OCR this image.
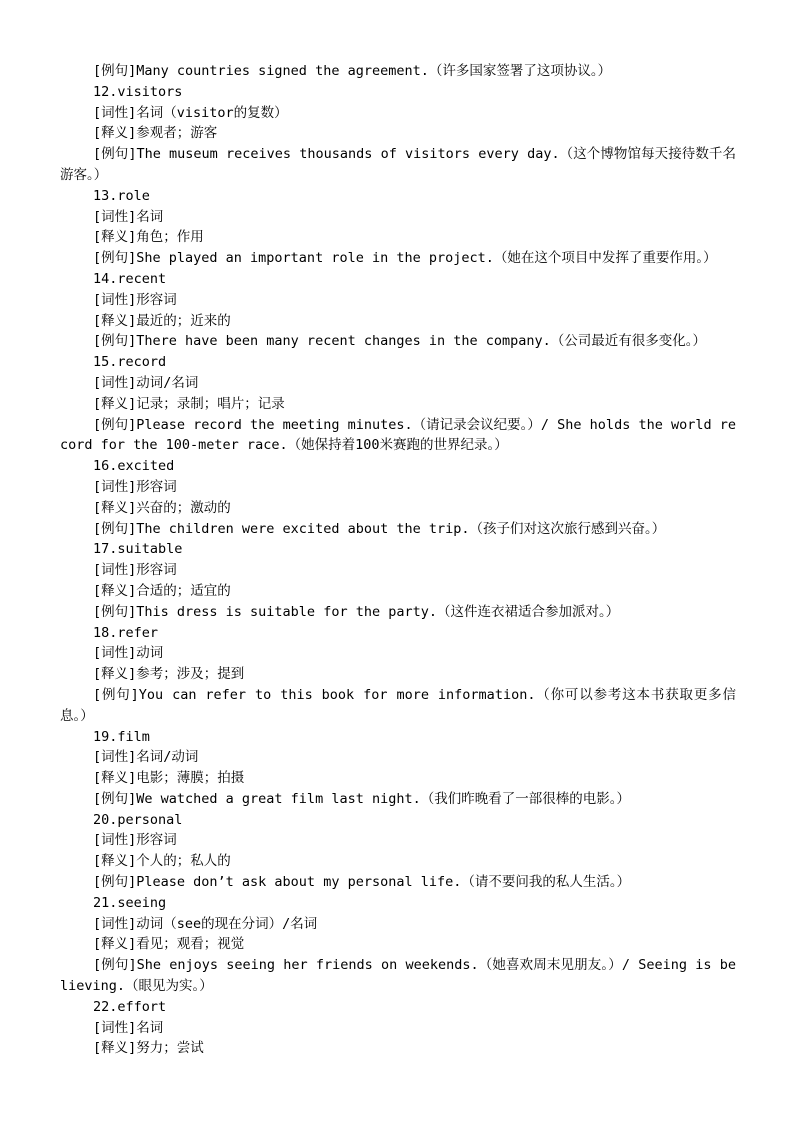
[例句]Many countries signed the agreement.（许多国家签署了这项协议。）

12.visitors

[词性]名词（visitor的复数）

[释义]参观者；游客

[例句]The museum receives thousands of visitors every day.（这个博物馆每天接待数千名游客。）

13.role

[词性]名词

[释义]角色；作用

[例句]She played an important role in the project.（她在这个项目中发挥了重要作用。）

14.recent

[词性]形容词

[释义]最近的；近来的

[例句]There have been many recent changes in the company.（公司最近有很多变化。）

15.record

[词性]动词/名词

[释义]记录；录制；唱片；记录

[例句]Please record the meeting minutes.（请记录会议纪要。）/ She holds the world record for the 100-meter race.（她保持着100米赛跑的世界纪录。）

16.excited

[词性]形容词

[释义]兴奋的；激动的

[例句]The children were excited about the trip.（孩子们对这次旅行感到兴奋。）

17.suitable

[词性]形容词

[释义]合适的；适宜的

[例句]This dress is suitable for the party.（这件连衣裙适合参加派对。）

18.refer

[词性]动词

[释义]参考；涉及；提到

[例句]You can refer to this book for more information.（你可以参考这本书获取更多信息。）

19.film

[词性]名词/动词

[释义]电影；薄膜；拍摄

[例句]We watched a great film last night.（我们昨晚看了一部很棒的电影。）

20.personal

[词性]形容词

[释义]个人的；私人的

[例句]Please don’t ask about my personal life.（请不要问我的私人生活。）

21.seeing

[词性]动词（see的现在分词）/名词

[释义]看见；观看；视觉

[例句]She enjoys seeing her friends on weekends.（她喜欢周末见朋友。）/ Seeing is believing.（眼见为实。）

22.effort

[词性]名词

[释义]努力；尝试
